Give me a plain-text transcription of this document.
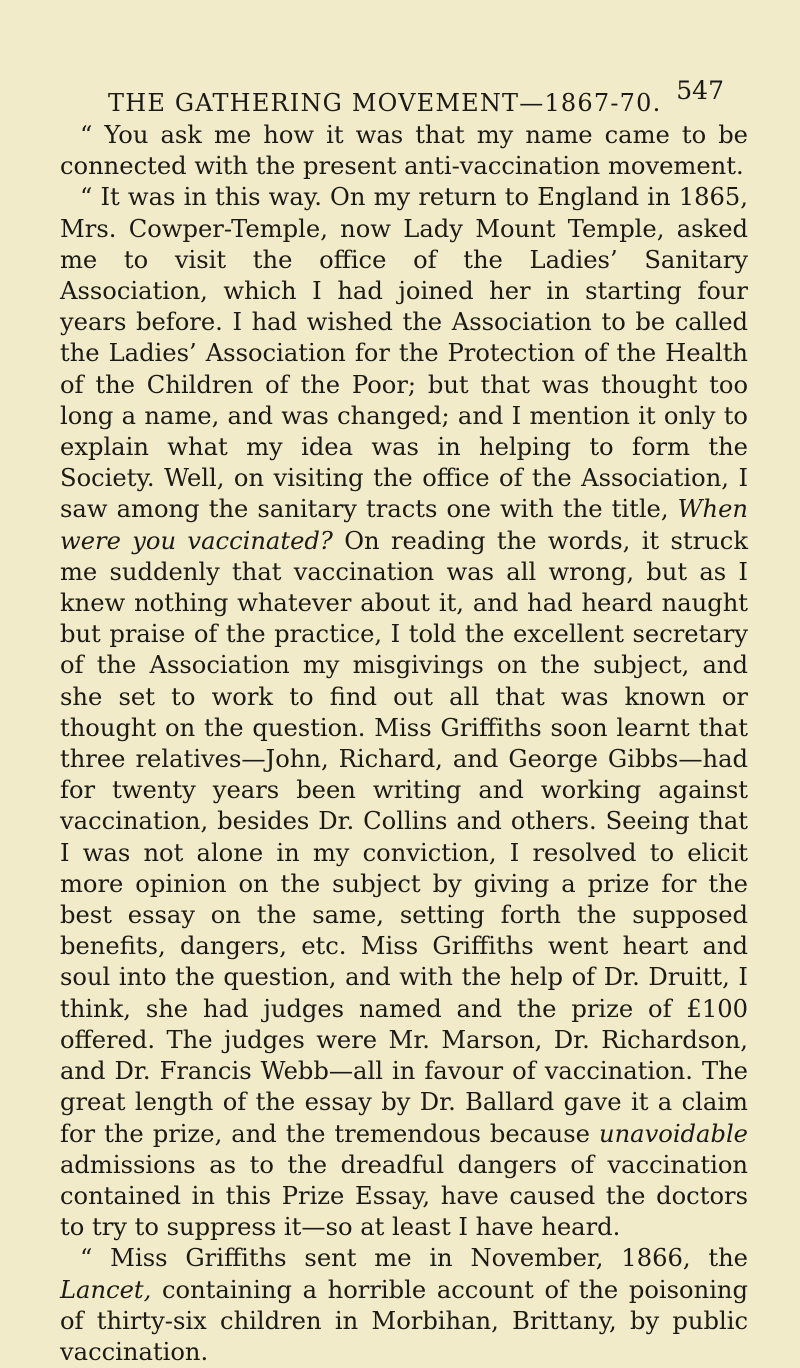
THE GATHERING MOVEMENT—1867-70. 547

“ You ask me how it was that my name came to be connected with the present anti-vaccination movement.

“ It was in this way. On my return to England in 1865, Mrs. Cowper-Temple, now Lady Mount Temple, asked me to visit the office of the Ladies’ Sanitary Association, which I had joined her in starting four years before. I had wished the Association to be called the Ladies’ Association for the Protection of the Health of the Children of the Poor; but that was thought too long a name, and was changed; and I mention it only to explain what my idea was in helping to form the Society. Well, on visiting the office of the Association, I saw among the sanitary tracts one with the title, When were you vaccinated? On reading the words, it struck me suddenly that vaccination was all wrong, but as I knew nothing whatever about it, and had heard naught but praise of the practice, I told the excellent secretary of the Association my misgivings on the subject, and she set to work to find out all that was known or thought on the question. Miss Griffiths soon learnt that three relatives—John, Richard, and George Gibbs—had for twenty years been writing and working against vaccination, besides Dr. Collins and others. Seeing that I was not alone in my conviction, I resolved to elicit more opinion on the subject by giving a prize for the best essay on the same, setting forth the supposed benefits, dangers, etc. Miss Griffiths went heart and soul into the question, and with the help of Dr. Druitt, I think, she had judges named and the prize of £100 offered. The judges were Mr. Marson, Dr. Richardson, and Dr. Francis Webb—all in favour of vaccination. The great length of the essay by Dr. Ballard gave it a claim for the prize, and the tremendous because unavoidable admissions as to the dreadful dangers of vaccination contained in this Prize Essay, have caused the doctors to try to suppress it—so at least I have heard.

“ Miss Griffiths sent me in November, 1866, the Lancet, containing a horrible account of the poisoning of thirty-six children in Morbihan, Brittany, by public vaccination.
